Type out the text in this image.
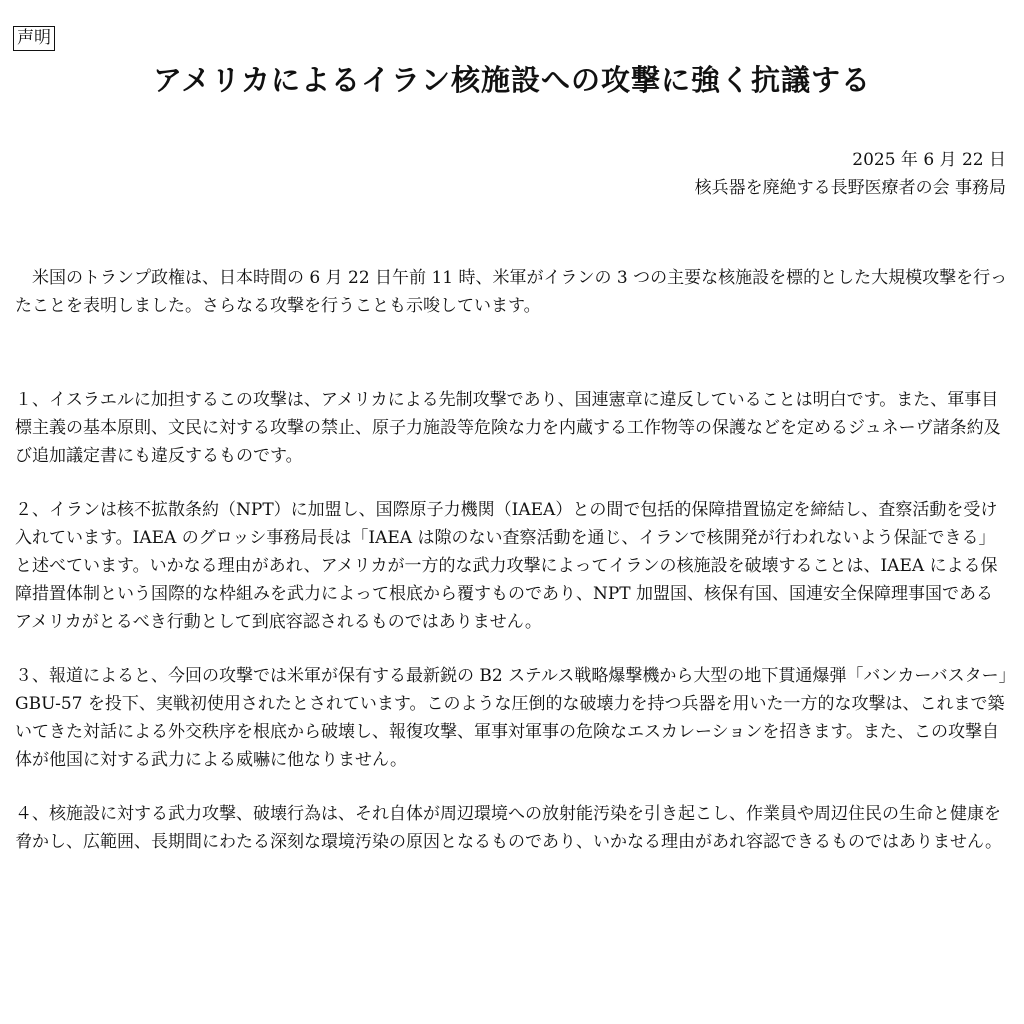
声明
アメリカによるイラン核施設への攻撃に強く抗議する
2025 年 6 月 22 日
核兵器を廃絶する長野医療者の会 事務局

米国のトランプ政権は、日本時間の 6 月 22 日午前 11 時、米軍がイランの 3 つの主要な核施設を標的とした大規模攻撃を行ったことを表明しました。さらなる攻撃を行うことも示唆しています。

１、イスラエルに加担するこの攻撃は、アメリカによる先制攻撃であり、国連憲章に違反していることは明白です。また、軍事目標主義の基本原則、文民に対する攻撃の禁止、原子力施設等危険な力を内蔵する工作物等の保護などを定めるジュネーヴ諸条約及び追加議定書にも違反するものです。

２、イランは核不拡散条約（NPT）に加盟し、国際原子力機関（IAEA）との間で包括的保障措置協定を締結し、査察活動を受け入れています。IAEA のグロッシ事務局長は「IAEA は隙のない査察活動を通じ、イランで核開発が行われないよう保証できる」と述べています。いかなる理由があれ、アメリカが一方的な武力攻撃によってイランの核施設を破壊することは、IAEA による保障措置体制という国際的な枠組みを武力によって根底から覆すものであり、NPT 加盟国、核保有国、国連安全保障理事国であるアメリカがとるべき行動として到底容認されるものではありません。

３、報道によると、今回の攻撃では米軍が保有する最新鋭の B2 ステルス戦略爆撃機から大型の地下貫通爆弾「バンカーバスター」GBU-57 を投下、実戦初使用されたとされています。このような圧倒的な破壊力を持つ兵器を用いた一方的な攻撃は、これまで築いてきた対話による外交秩序を根底から破壊し、報復攻撃、軍事対軍事の危険なエスカレーションを招きます。また、この攻撃自体が他国に対する武力による威嚇に他なりません。

４、核施設に対する武力攻撃、破壊行為は、それ自体が周辺環境への放射能汚染を引き起こし、作業員や周辺住民の生命と健康を脅かし、広範囲、長期間にわたる深刻な環境汚染の原因となるものであり、いかなる理由があれ容認できるものではありません。
